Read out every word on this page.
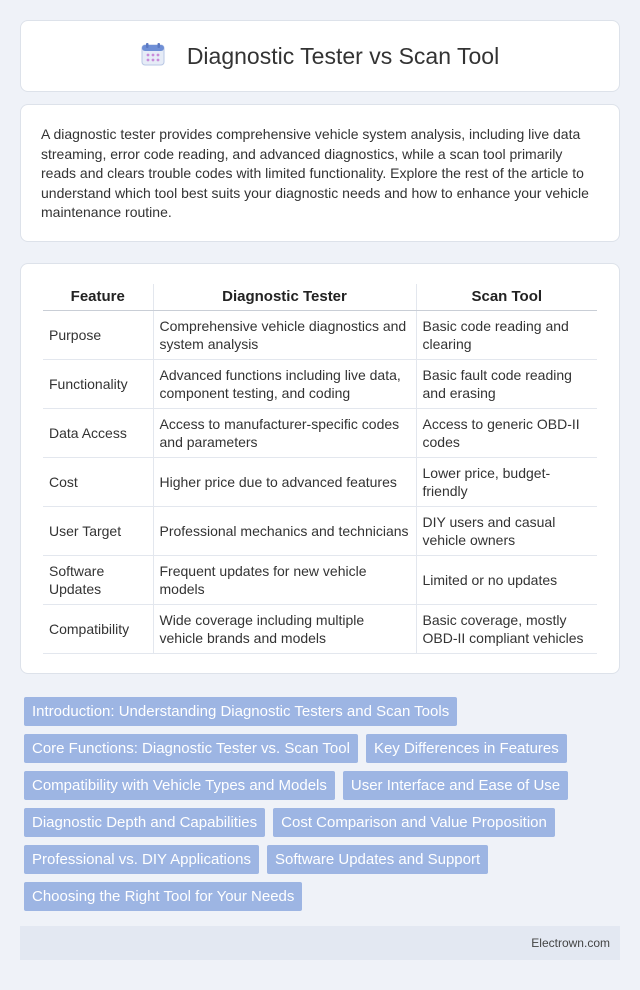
Diagnostic Tester vs Scan Tool

A diagnostic tester provides comprehensive vehicle system analysis, including live data streaming, error code reading, and advanced diagnostics, while a scan tool primarily reads and clears trouble codes with limited functionality. Explore the rest of the article to understand which tool best suits your diagnostic needs and how to enhance your vehicle maintenance routine.

Feature	Diagnostic Tester	Scan Tool
Purpose	Comprehensive vehicle diagnostics and system analysis	Basic code reading and clearing
Functionality	Advanced functions including live data, component testing, and coding	Basic fault code reading and erasing
Data Access	Access to manufacturer-specific codes and parameters	Access to generic OBD-II codes
Cost	Higher price due to advanced features	Lower price, budget-friendly
User Target	Professional mechanics and technicians	DIY users and casual vehicle owners
Software Updates	Frequent updates for new vehicle models	Limited or no updates
Compatibility	Wide coverage including multiple vehicle brands and models	Basic coverage, mostly OBD-II compliant vehicles
Introduction: Understanding Diagnostic Testers and Scan Tools
Core Functions: Diagnostic Tester vs. Scan Tool	Key Differences in Features
Compatibility with Vehicle Types and Models	User Interface and Ease of Use
Diagnostic Depth and Capabilities	Cost Comparison and Value Proposition
Professional vs. DIY Applications	Software Updates and Support
Choosing the Right Tool for Your Needs
Electrown.com
